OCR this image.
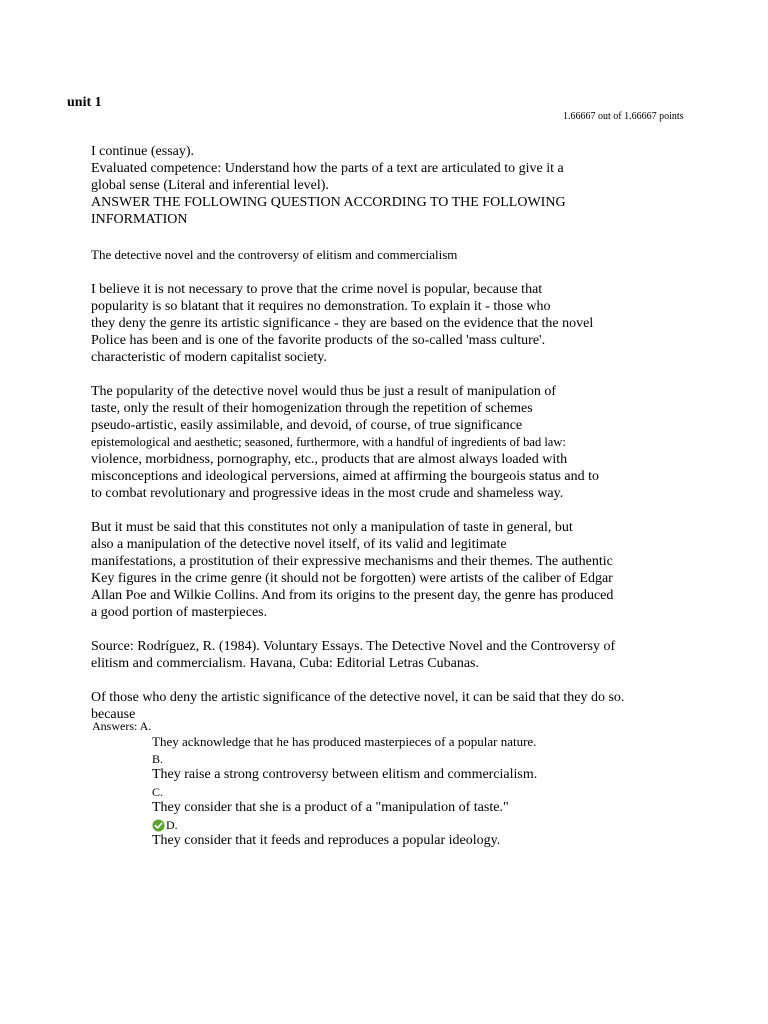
unit 1
1.66667 out of 1.66667 points
I continue (essay).
Evaluated competence: Understand how the parts of a text are articulated to give it a
global sense (Literal and inferential level).
ANSWER THE FOLLOWING QUESTION ACCORDING TO THE FOLLOWING
INFORMATION
The detective novel and the controversy of elitism and commercialism
I believe it is not necessary to prove that the crime novel is popular, because that
popularity is so blatant that it requires no demonstration. To explain it - those who
they deny the genre its artistic significance - they are based on the evidence that the novel
Police has been and is one of the favorite products of the so-called 'mass culture'.
characteristic of modern capitalist society.
The popularity of the detective novel would thus be just a result of manipulation of
taste, only the result of their homogenization through the repetition of schemes
pseudo-artistic, easily assimilable, and devoid, of course, of true significance
epistemological and aesthetic; seasoned, furthermore, with a handful of ingredients of bad law:
violence, morbidness, pornography, etc., products that are almost always loaded with
misconceptions and ideological perversions, aimed at affirming the bourgeois status and to
to combat revolutionary and progressive ideas in the most crude and shameless way.
But it must be said that this constitutes not only a manipulation of taste in general, but
also a manipulation of the detective novel itself, of its valid and legitimate
manifestations, a prostitution of their expressive mechanisms and their themes. The authentic
Key figures in the crime genre (it should not be forgotten) were artists of the caliber of Edgar
Allan Poe and Wilkie Collins. And from its origins to the present day, the genre has produced
a good portion of masterpieces.
Source: Rodríguez, R. (1984). Voluntary Essays. The Detective Novel and the Controversy of
elitism and commercialism. Havana, Cuba: Editorial Letras Cubanas.
Of those who deny the artistic significance of the detective novel, it can be said that they do so.
because
Answers: A.
They acknowledge that he has produced masterpieces of a popular nature.
B.
They raise a strong controversy between elitism and commercialism.
C.
They consider that she is a product of a "manipulation of taste."
D.
They consider that it feeds and reproduces a popular ideology.
